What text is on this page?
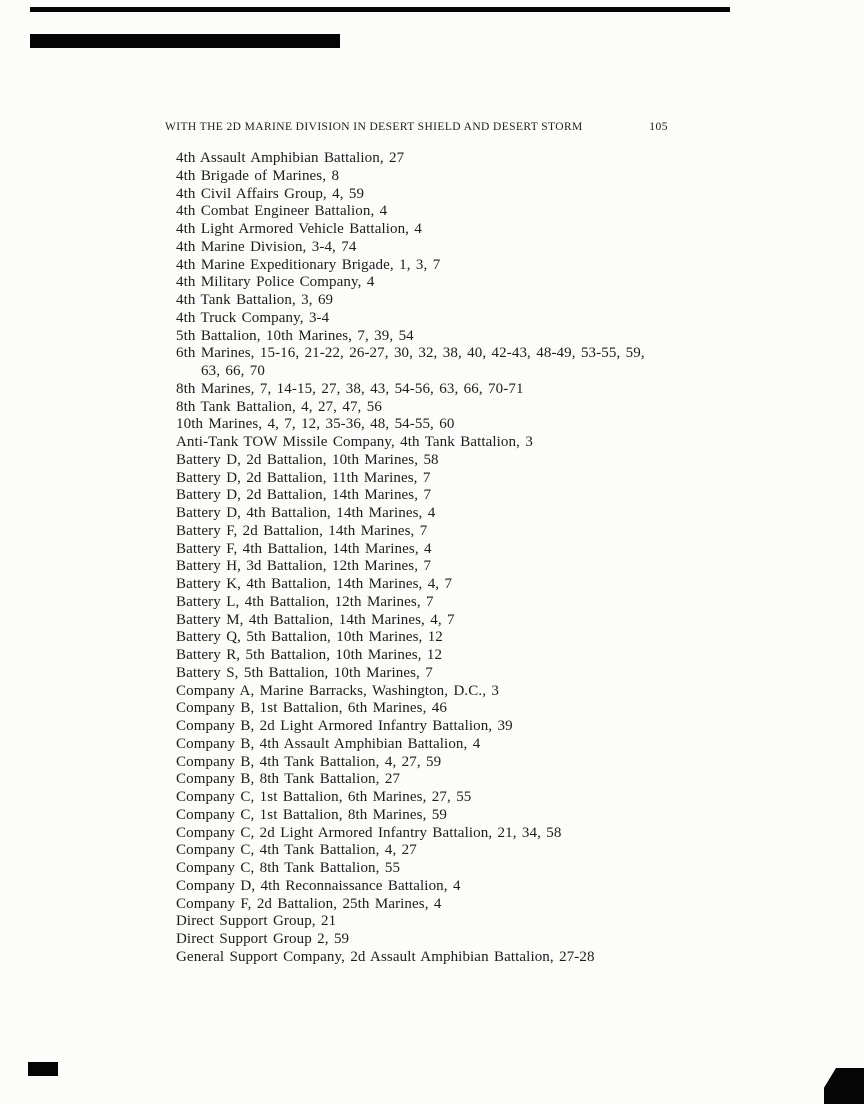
WITH THE 2D MARINE DIVISION IN DESERT SHIELD AND DESERT STORM	105
4th Assault Amphibian Battalion, 27
4th Brigade of Marines, 8
4th Civil Affairs Group, 4, 59
4th Combat Engineer Battalion, 4
4th Light Armored Vehicle Battalion, 4
4th Marine Division, 3-4, 74
4th Marine Expeditionary Brigade, 1, 3, 7
4th Military Police Company, 4
4th Tank Battalion, 3, 69
4th Truck Company, 3-4
5th Battalion, 10th Marines, 7, 39, 54
6th Marines, 15-16, 21-22, 26-27, 30, 32, 38, 40, 42-43, 48-49, 53-55, 59,
63, 66, 70
8th Marines, 7, 14-15, 27, 38, 43, 54-56, 63, 66, 70-71
8th Tank Battalion, 4, 27, 47, 56
10th Marines, 4, 7, 12, 35-36, 48, 54-55, 60
Anti-Tank TOW Missile Company, 4th Tank Battalion, 3
Battery D, 2d Battalion, 10th Marines, 58
Battery D, 2d Battalion, 11th Marines, 7
Battery D, 2d Battalion, 14th Marines, 7
Battery D, 4th Battalion, 14th Marines, 4
Battery F, 2d Battalion, 14th Marines, 7
Battery F, 4th Battalion, 14th Marines, 4
Battery H, 3d Battalion, 12th Marines, 7
Battery K, 4th Battalion, 14th Marines, 4, 7
Battery L, 4th Battalion, 12th Marines, 7
Battery M, 4th Battalion, 14th Marines, 4, 7
Battery Q, 5th Battalion, 10th Marines, 12
Battery R, 5th Battalion, 10th Marines, 12
Battery S, 5th Battalion, 10th Marines, 7
Company A, Marine Barracks, Washington, D.C., 3
Company B, 1st Battalion, 6th Marines, 46
Company B, 2d Light Armored Infantry Battalion, 39
Company B, 4th Assault Amphibian Battalion, 4
Company B, 4th Tank Battalion, 4, 27, 59
Company B, 8th Tank Battalion, 27
Company C, 1st Battalion, 6th Marines, 27, 55
Company C, 1st Battalion, 8th Marines, 59
Company C, 2d Light Armored Infantry Battalion, 21, 34, 58
Company C, 4th Tank Battalion, 4, 27
Company C, 8th Tank Battalion, 55
Company D, 4th Reconnaissance Battalion, 4
Company F, 2d Battalion, 25th Marines, 4
Direct Support Group, 21
Direct Support Group 2, 59
General Support Company, 2d Assault Amphibian Battalion, 27-28
